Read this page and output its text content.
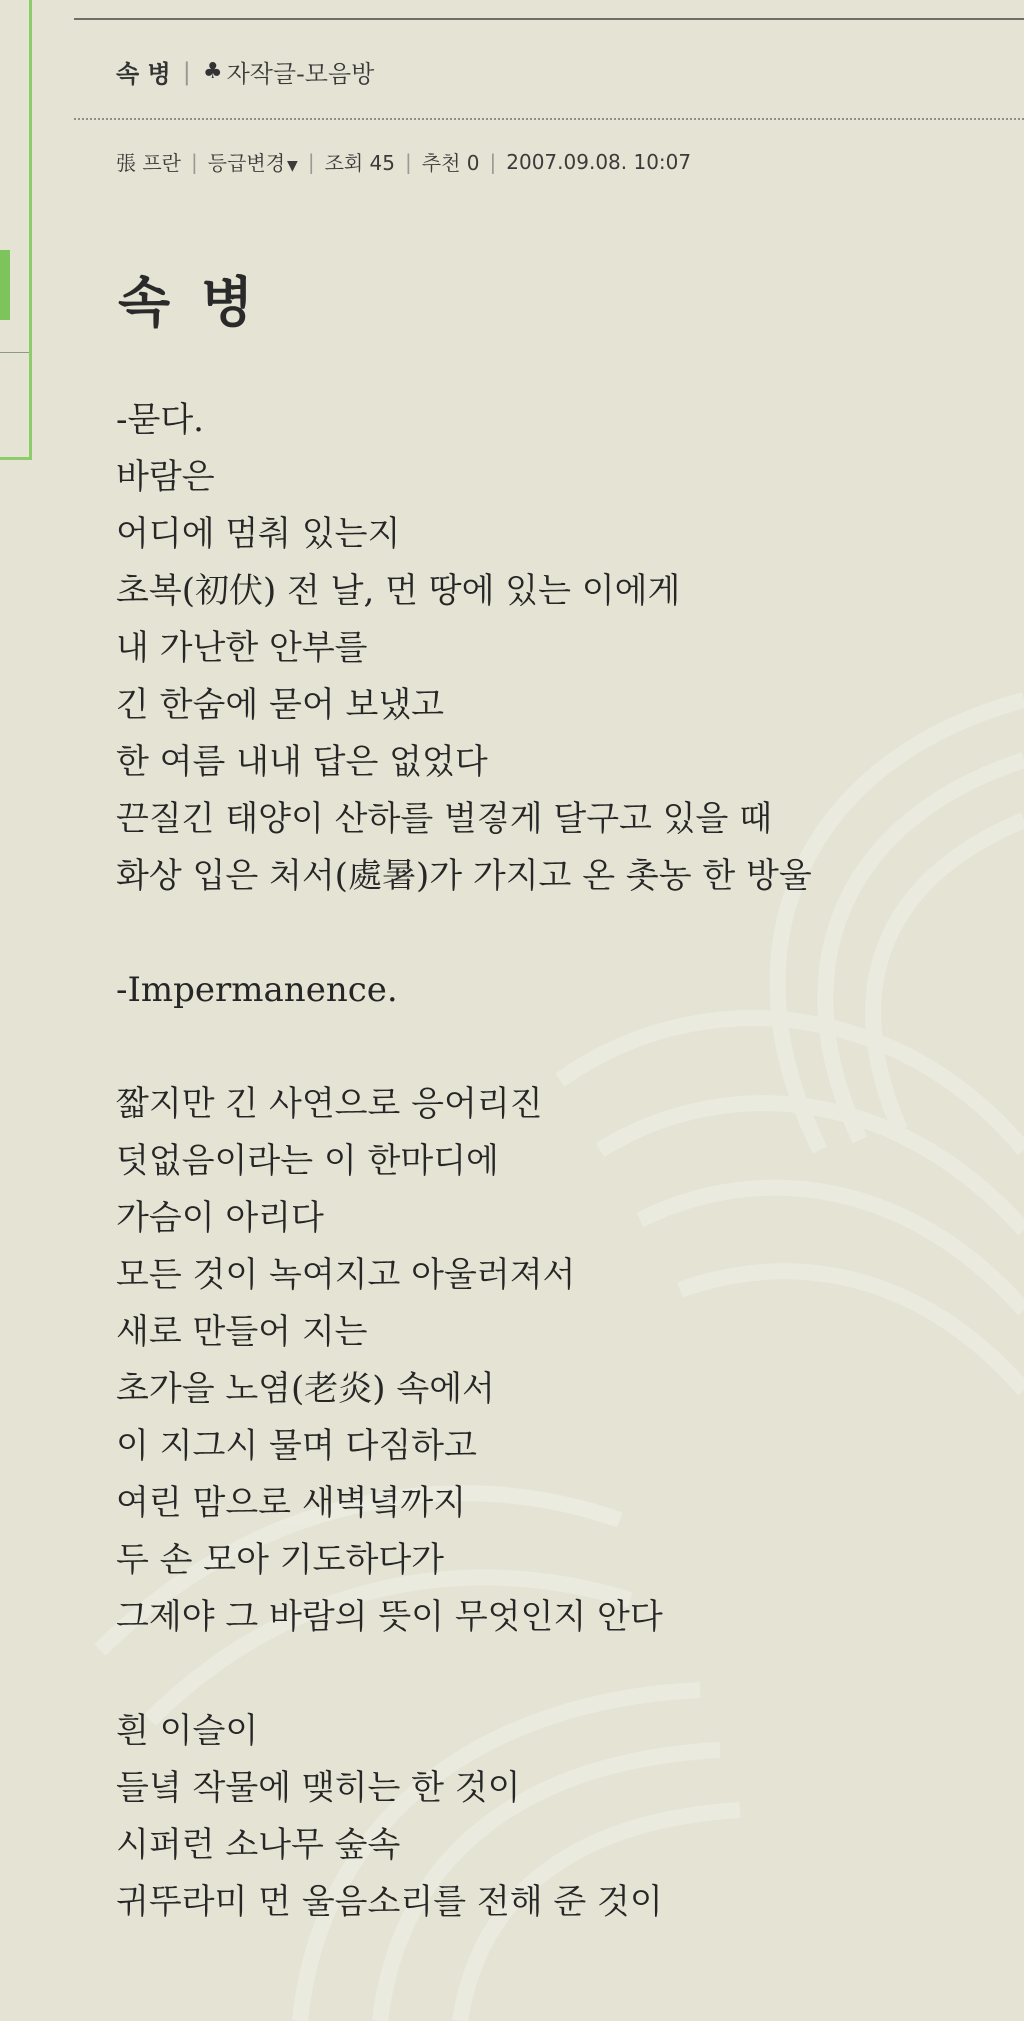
속 병 | ♣ 자작글-모음방
張 프란 | 등급변경 ▼ | 조회 45 | 추천 0 | 2007.09.08. 10:07
속 병
-묻다.
바람은
어디에 멈춰 있는지
초복(初伏) 전 날, 먼 땅에 있는 이에게
내 가난한 안부를
긴 한숨에 묻어 보냈고
한 여름 내내 답은 없었다
끈질긴 태양이 산하를 벌겋게 달구고 있을 때
화상 입은 처서(處暑)가 가지고 온 촛농 한 방울
-Impermanence.
짧지만 긴 사연으로 응어리진
덧없음이라는 이 한마디에
가슴이 아리다
모든 것이 녹여지고 아울러져서
새로 만들어 지는
초가을 노염(老炎) 속에서
이 지그시 물며 다짐하고
여린 맘으로 새벽녘까지
두 손 모아 기도하다가
그제야 그 바람의 뜻이 무엇인지 안다
흰 이슬이
들녘 작물에 맺히는 한 것이
시퍼런 소나무 숲속
귀뚜라미 먼 울음소리를 전해 준 것이
